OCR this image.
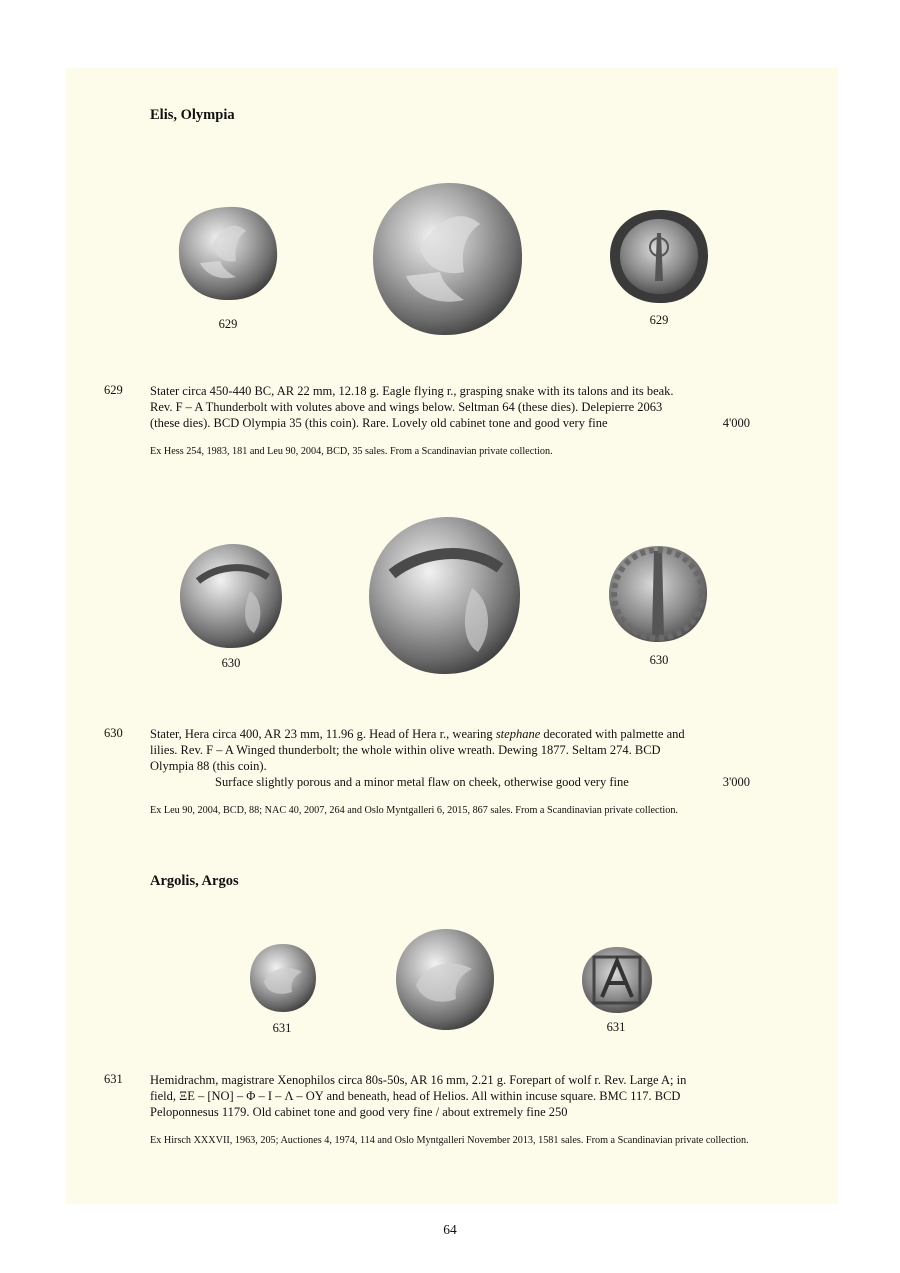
Elis, Olympia
629	629
629 Stater circa 450-440 BC, AR 22 mm, 12.18 g. Eagle flying r., grasping snake with its talons and its beak.
Rev. F – A Thunderbolt with volutes above and wings below. Seltman 64 (these dies). Delepierre 2063
4'000
(these dies). BCD Olympia 35 (this coin). Rare. Lovely old cabinet tone and good very fine
Ex Hess 254, 1983, 181 and Leu 90, 2004, BCD, 35 sales. From a Scandinavian private collection.
630	630
630 Stater, Hera circa 400, AR 23 mm, 11.96 g. Head of Hera r., wearing stephane decorated with palmette and
lilies. Rev. F – A Winged thunderbolt; the whole within olive wreath. Dewing 1877. Seltam 274. BCD
Olympia 88 (this coin).
3'000
Surface slightly porous and a minor metal flaw on cheek, otherwise good very fine
Ex Leu 90, 2004, BCD, 88; NAC 40, 2007, 264 and Oslo Myntgalleri 6, 2015, 867 sales. From a Scandinavian private collection.
Argolis, Argos
631	631
631 Hemidrachm, magistrare Xenophilos circa 80s-50s, AR 16 mm, 2.21 g. Forepart of wolf r. Rev. Large A; in
field, ΞE – [NO] – Φ – I – Λ – OY and beneath, head of Helios. All within incuse square. BMC 117. BCD
Peloponnesus 1179. Old cabinet tone and good very fine / about extremely fine 250
Ex Hirsch XXXVII, 1963, 205; Auctiones 4, 1974, 114 and Oslo Myntgalleri November 2013, 1581 sales. From a Scandinavian private collection.
64
